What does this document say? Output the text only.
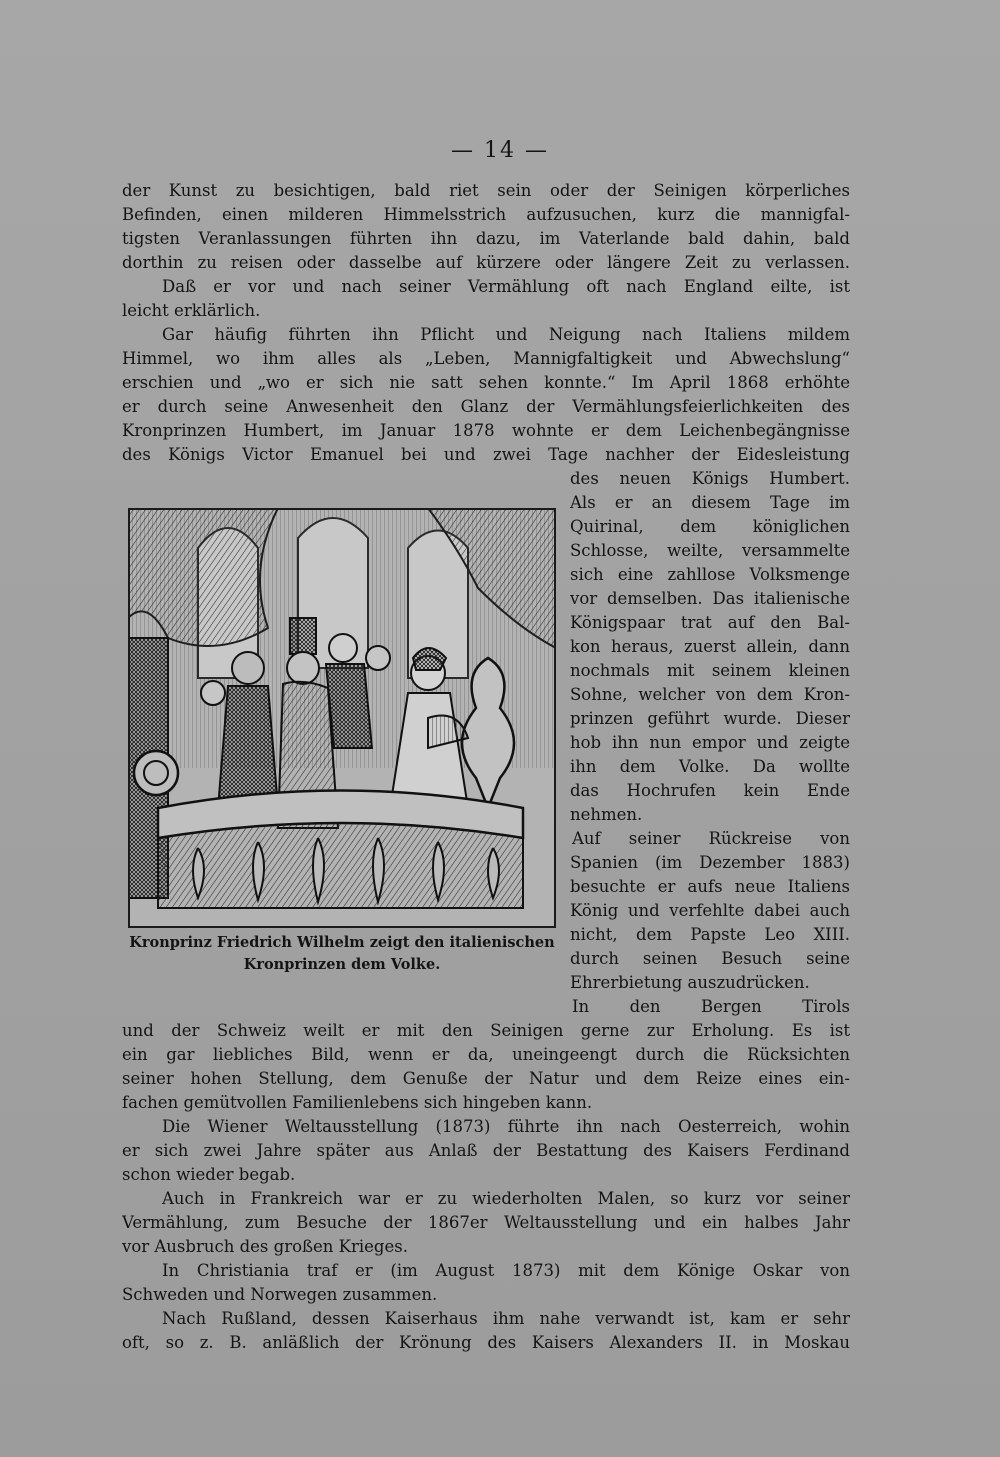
— 14 —
der Kunst zu besichtigen, bald riet sein oder der Seinigen körperliches
Befinden, einen milderen Himmelsstrich aufzusuchen, kurz die mannigfal-
tigsten Veranlassungen führten ihn dazu, im Vaterlande bald dahin, bald
dorthin zu reisen oder dasselbe auf kürzere oder längere Zeit zu verlassen.
Daß er vor und nach seiner Vermählung oft nach England eilte, ist
leicht erklärlich.
Gar häufig führten ihn Pflicht und Neigung nach Italiens mildem
Himmel, wo ihm alles als „Leben, Mannigfaltigkeit und Abwechslung“
erschien und „wo er sich nie satt sehen konnte.“ Im April 1868 erhöhte
er durch seine Anwesenheit den Glanz der Vermählungsfeierlichkeiten des
Kronprinzen Humbert, im Januar 1878 wohnte er dem Leichenbegängnisse
des Königs Victor Emanuel bei und zwei Tage nachher der Eidesleistung
des neuen Königs Humbert.
Als er an diesem Tage im
Quirinal, dem königlichen
Schlosse, weilte, versammelte
sich eine zahllose Volksmenge
vor demselben. Das italienische
Königspaar trat auf den Bal-
kon heraus, zuerst allein, dann
nochmals mit seinem kleinen
Sohne, welcher von dem Kron-
prinzen geführt wurde. Dieser
hob ihn nun empor und zeigte
ihn dem Volke. Da wollte
das Hochrufen kein Ende
nehmen.
Auf seiner Rückreise von
Spanien (im Dezember 1883)
besuchte er aufs neue Italiens
König und verfehlte dabei auch
nicht, dem Papste Leo XIII.
durch seinen Besuch seine
Ehrerbietung auszudrücken.
In den Bergen Tirols
Kronprinz Friedrich Wilhelm zeigt den italienischen
Kronprinzen dem Volke.
und der Schweiz weilt er mit den Seinigen gerne zur Erholung. Es ist
ein gar liebliches Bild, wenn er da, uneingeengt durch die Rücksichten
seiner hohen Stellung, dem Genuße der Natur und dem Reize eines ein-
fachen gemütvollen Familienlebens sich hingeben kann.
Die Wiener Weltausstellung (1873) führte ihn nach Oesterreich, wohin
er sich zwei Jahre später aus Anlaß der Bestattung des Kaisers Ferdinand
schon wieder begab.
Auch in Frankreich war er zu wiederholten Malen, so kurz vor seiner
Vermählung, zum Besuche der 1867er Weltausstellung und ein halbes Jahr
vor Ausbruch des großen Krieges.
In Christiania traf er (im August 1873) mit dem Könige Oskar von
Schweden und Norwegen zusammen.
Nach Rußland, dessen Kaiserhaus ihm nahe verwandt ist, kam er sehr
oft, so z. B. anläßlich der Krönung des Kaisers Alexanders II. in Moskau
